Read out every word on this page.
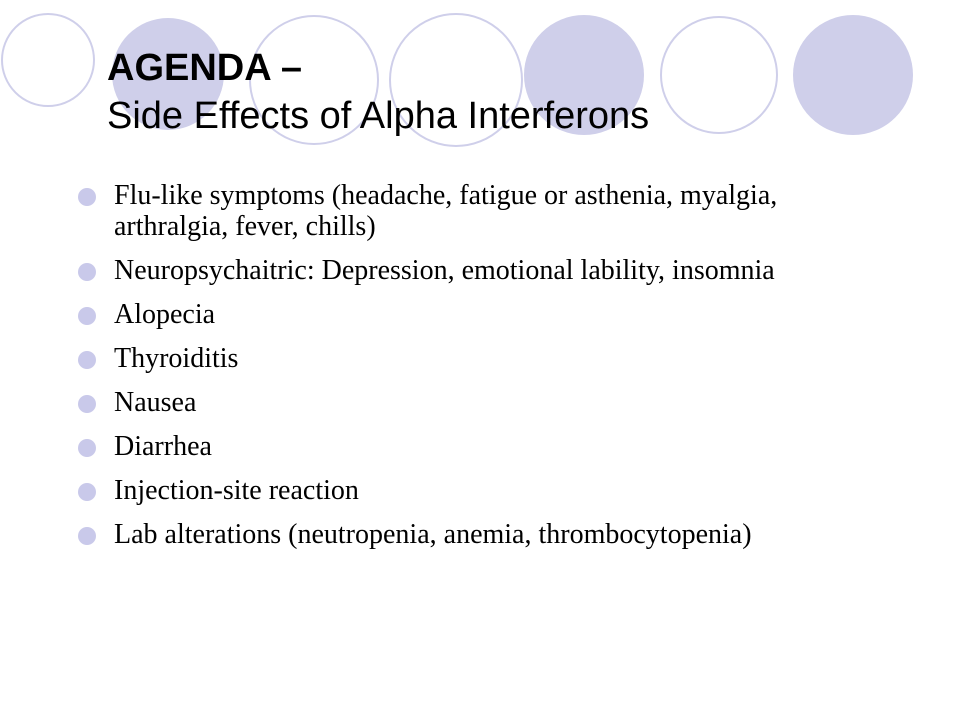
AGENDA –
Side Effects of Alpha Interferons
Flu-like symptoms (headache, fatigue or asthenia, myalgia, arthralgia, fever, chills)
Neuropsychaitric: Depression, emotional lability, insomnia
Alopecia
Thyroiditis
Nausea
Diarrhea
Injection-site reaction
Lab alterations (neutropenia, anemia, thrombocytopenia)
